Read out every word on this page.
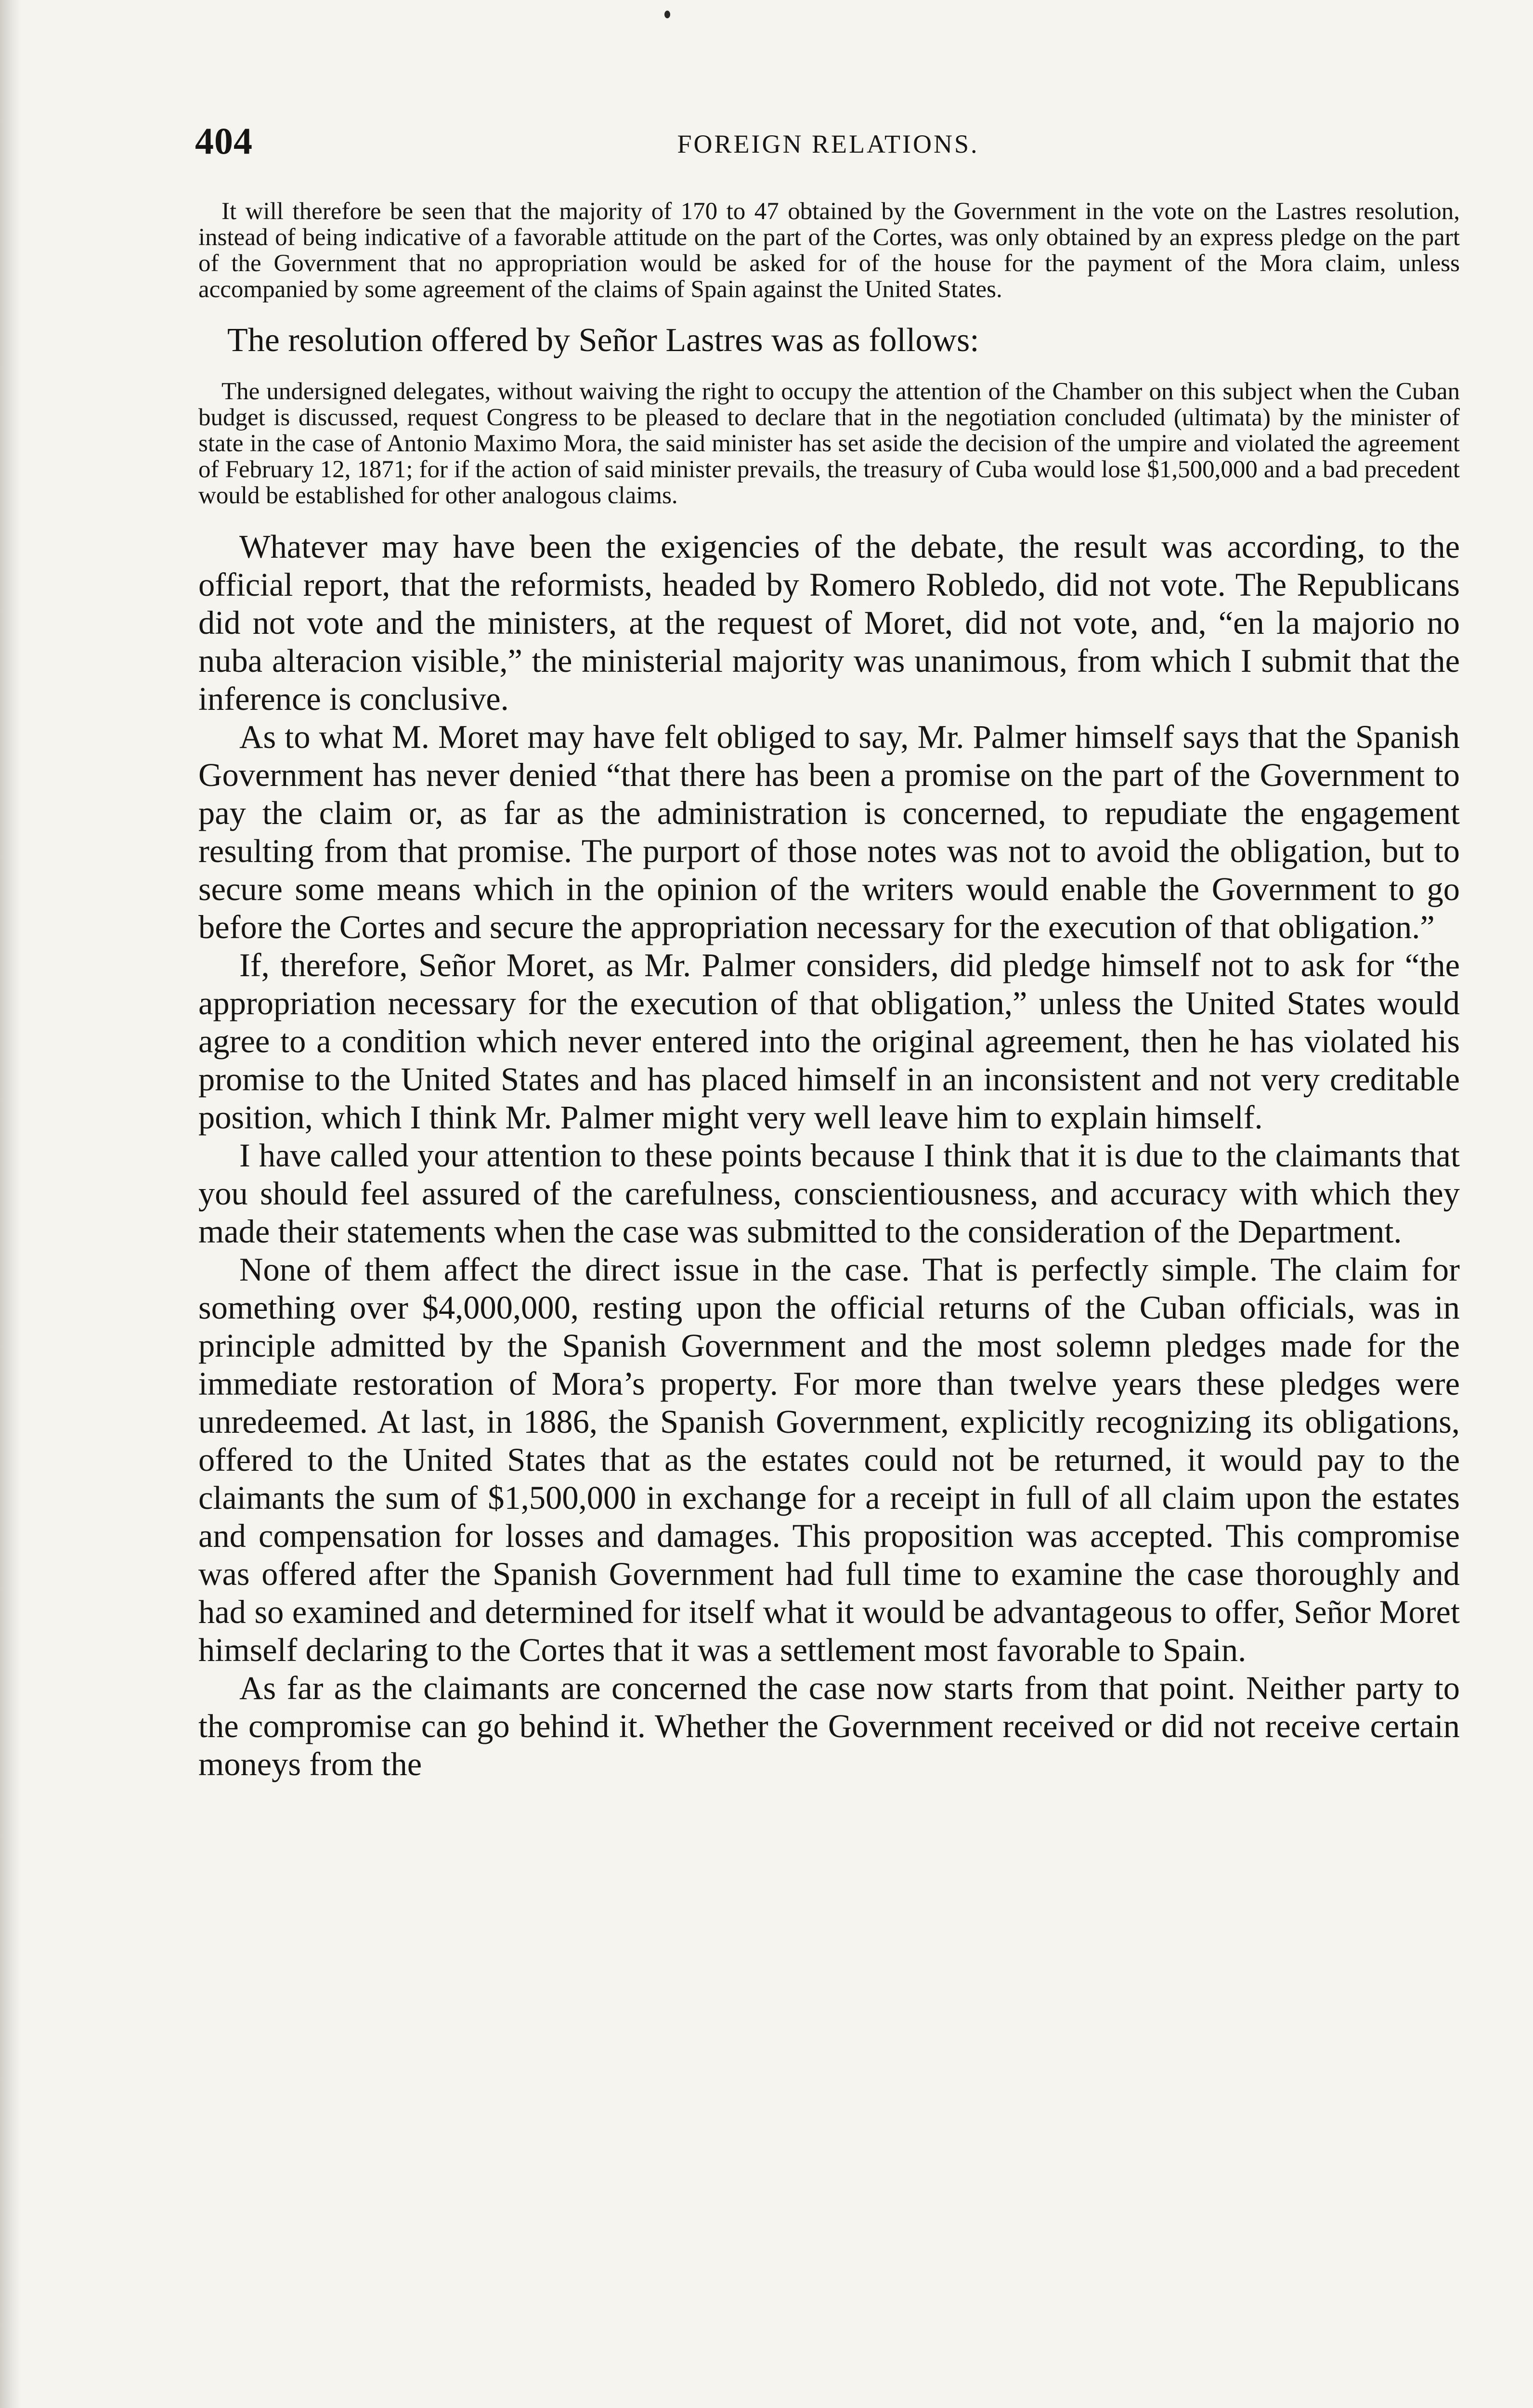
404	FOREIGN RELATIONS.

It will therefore be seen that the majority of 170 to 47 obtained by the Government in the vote on the Lastres resolution, instead of being indicative of a favorable attitude on the part of the Cortes, was only obtained by an express pledge on the part of the Government that no appropriation would be asked for of the house for the payment of the Mora claim, unless accompanied by some agreement of the claims of Spain against the United States.

The resolution offered by Señor Lastres was as follows:

The undersigned delegates, without waiving the right to occupy the attention of the Chamber on this subject when the Cuban budget is discussed, request Congress to be pleased to declare that in the negotiation concluded (ultimata) by the minister of state in the case of Antonio Maximo Mora, the said minister has set aside the decision of the umpire and violated the agreement of February 12, 1871; for if the action of said minister prevails, the treasury of Cuba would lose $1,500,000 and a bad precedent would be established for other analogous claims.

Whatever may have been the exigencies of the debate, the result was according, to the official report, that the reformists, headed by Romero Robledo, did not vote. The Republicans did not vote and the ministers, at the request of Moret, did not vote, and, “en la majorio no nuba alteracion visible,” the ministerial majority was unanimous, from which I submit that the inference is conclusive.

As to what M. Moret may have felt obliged to say, Mr. Palmer himself says that the Spanish Government has never denied “that there has been a promise on the part of the Government to pay the claim or, as far as the administration is concerned, to repudiate the engagement resulting from that promise. The purport of those notes was not to avoid the obligation, but to secure some means which in the opinion of the writers would enable the Government to go before the Cortes and secure the appropriation necessary for the execution of that obligation.”

If, therefore, Señor Moret, as Mr. Palmer considers, did pledge himself not to ask for “the appropriation necessary for the execution of that obligation,” unless the United States would agree to a condition which never entered into the original agreement, then he has violated his promise to the United States and has placed himself in an inconsistent and not very creditable position, which I think Mr. Palmer might very well leave him to explain himself.

I have called your attention to these points because I think that it is due to the claimants that you should feel assured of the carefulness, conscientiousness, and accuracy with which they made their statements when the case was submitted to the consideration of the Department.

None of them affect the direct issue in the case. That is perfectly simple. The claim for something over $4,000,000, resting upon the official returns of the Cuban officials, was in principle admitted by the Spanish Government and the most solemn pledges made for the immediate restoration of Mora’s property. For more than twelve years these pledges were unredeemed. At last, in 1886, the Spanish Government, explicitly recognizing its obligations, offered to the United States that as the estates could not be returned, it would pay to the claimants the sum of $1,500,000 in exchange for a receipt in full of all claim upon the estates and compensation for losses and damages. This proposition was accepted. This compromise was offered after the Spanish Government had full time to examine the case thoroughly and had so examined and determined for itself what it would be advantageous to offer, Señor Moret himself declaring to the Cortes that it was a settlement most favorable to Spain.

As far as the claimants are concerned the case now starts from that point. Neither party to the compromise can go behind it. Whether the Government received or did not receive certain moneys from the
